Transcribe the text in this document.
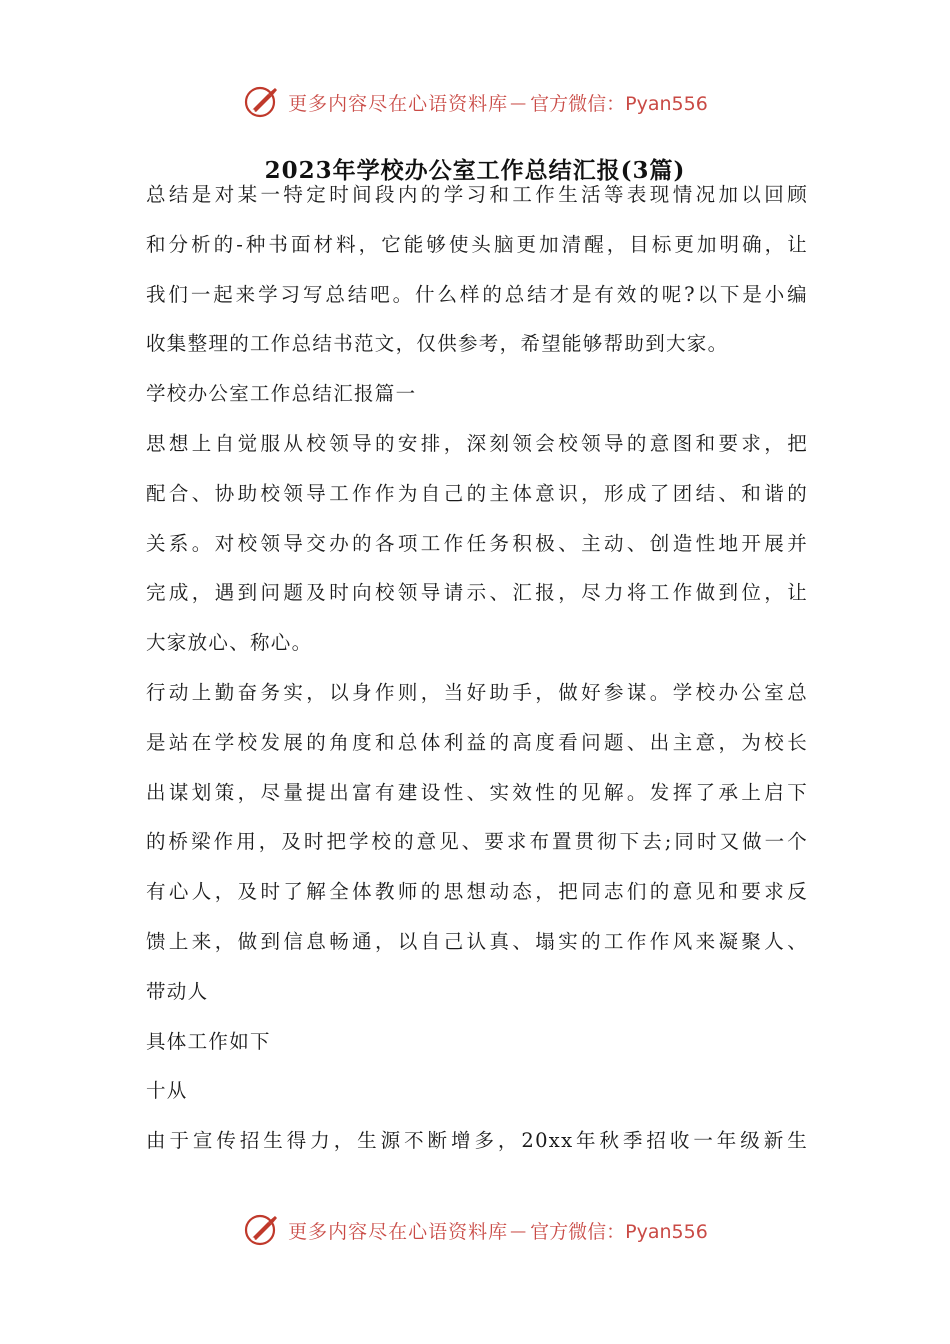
更多内容尽在心语资料库 — 官方微信：Pyan556
2023年学校办公室工作总结汇报(3篇)
总结是对某一特定时间段内的学习和工作生活等表现情况加以回顾
和分析的-种书面材料，它能够使头脑更加清醒，目标更加明确，让
我们一起来学习写总结吧。什么样的总结才是有效的呢?以下是小编
收集整理的工作总结书范文，仅供参考，希望能够帮助到大家。
学校办公室工作总结汇报篇一
思想上自觉服从校领导的安排，深刻领会校领导的意图和要求，把
配合、协助校领导工作作为自己的主体意识，形成了团结、和谐的
关系。对校领导交办的各项工作任务积极、主动、创造性地开展并
完成，遇到问题及时向校领导请示、汇报，尽力将工作做到位，让
大家放心、称心。
行动上勤奋务实，以身作则，当好助手，做好参谋。学校办公室总
是站在学校发展的角度和总体利益的高度看问题、出主意，为校长
出谋划策，尽量提出富有建设性、实效性的见解。发挥了承上启下
的桥梁作用，及时把学校的意见、要求布置贯彻下去;同时又做一个
有心人，及时了解全体教师的思想动态，把同志们的意见和要求反
馈上来，做到信息畅通，以自己认真、塌实的工作作风来凝聚人、
带动人
具体工作如下
十从
由于宣传招生得力，生源不断增多，20xx年秋季招收一年级新生
更多内容尽在心语资料库 — 官方微信：Pyan556
